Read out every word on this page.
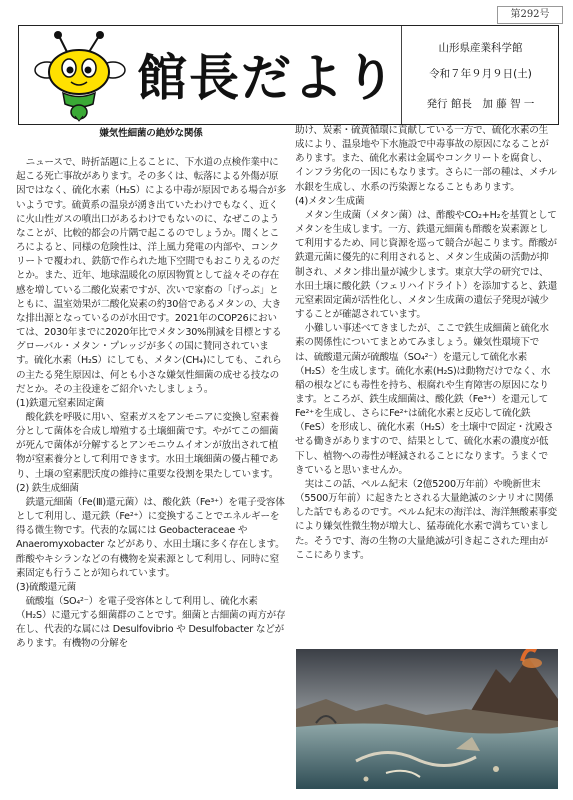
第292号
館長だより
山形県産業科学館
令和７年９月９日(土)
発行 館長　加 藤 智 一
嫌気性細菌の絶妙な関係

ニュースで、時折話題に上ることに、下水道の点検作業中に起こる死亡事故があります。その多くは、転落による外傷が原因ではなく、硫化水素（H₂S）による中毒が原因である場合が多いようです。硫黄系の温泉が湧き出ていたわけでもなく、近くに火山性ガスの噴出口があるわけでもないのに、なぜこのようなことが、比較的都会の片隅で起こるのでしょうか。聞くところによると、同様の危険性は、洋上風力発電の内部や、コンクリートで覆われ、鉄筋で作られた地下空間でもおこりえるのだとか。また、近年、地球温暖化の原因物質として益々その存在感を増している二酸化炭素ですが、次いで家畜の「げっぷ」とともに、温室効果が二酸化炭素の約30倍であるメタンの、大きな排出源となっているのが水田です。2021年のCOP26においては、2030年までに2020年比でメタン30%削減を目標とするグローバル・メタン・プレッジが多くの国に賛同されています。硫化水素（H₂S）にしても、メタン(CH₄)にしても、これらの主たる発生原因は、何とも小さな嫌気性細菌の成せる技なのだとか。その主役達をご紹介いたしましょう。

(1)鉄還元窒素固定菌

酸化鉄を呼吸に用い、窒素ガスをアンモニアに変換し窒素養分として菌体を合成し増殖する土壌細菌です。やがてこの細菌が死んで菌体が分解するとアンモニウムイオンが放出されて植物が窒素養分として利用できます。水田土壌細菌の優占種であり、土壌の窒素肥沃度の維持に重要な役割を果たしています。

(2) 鉄生成細菌

鉄還元細菌（Fe(Ⅲ)還元菌）は、酸化鉄（Fe³⁺）を電子受容体として利用し、還元鉄（Fe²⁺）に変換することでエネルギーを得る微生物です。代表的な属には Geobacteraceae や Anaeromyxobacter などがあり、水田土壌に多く存在します。酢酸やキシランなどの有機物を炭素源として利用し、同時に窒素固定も行うことが知られています。

(3)硫酸還元菌

硫酸塩（SO₄²⁻）を電子受容体として利用し、硫化水素（H₂S）に還元する細菌群のことです。細菌と古細菌の両方が存在し、代表的な属には Desulfovibrio や Desulfobacter などがあります。有機物の分解を

助け、炭素・硫黄循環に貢献している一方で、硫化水素の生成により、温泉地や下水施設で中毒事故の原因になることがあります。また、硫化水素は金属やコンクリートを腐食し、インフラ劣化の一因にもなります。さらに一部の種は、メチル水銀を生成し、水系の汚染源となることもあります。

(4)メタン生成菌

メタン生成菌（メタン菌）は、酢酸やCO₂+H₂を基質としてメタンを生成します。一方、鉄還元細菌も酢酸を炭素源として利用するため、同じ資源を巡って競合が起こります。酢酸が鉄還元菌に優先的に利用されると、メタン生成菌の活動が抑制され、メタン排出量が減少します。東京大学の研究では、水田土壌に酸化鉄（フェリハイドライト）を添加すると、鉄還元窒素固定菌が活性化し、メタン生成菌の遺伝子発現が減少することが確認されています。

小難しい事述べてきましたが、ここで鉄生成細菌と硫化水素の関係性についてまとめてみましょう。嫌気性環境下では、硫酸還元菌が硫酸塩（SO₄²⁻）を還元して硫化水素（H₂S）を生成します。硫化水素(H₂S)は動物だけでなく、水稲の根などにも毒性を持ち、根腐れや生育障害の原因になります。ところが、鉄生成細菌は、酸化鉄（Fe³⁺）を還元してFe²⁺を生成し、さらにFe²⁺は硫化水素と反応して硫化鉄（FeS）を形成し、硫化水素（H₂S）を土壌中で固定・沈殿させる働きがありますので、結果として、硫化水素の濃度が低下し、植物への毒性が軽減されることになります。うまくできていると思いませんか。

実はこの話、ペルム紀末（2億5200万年前）や晩新世末（5500万年前）に起きたとされる大量絶滅のシナリオに関係した話でもあるのです。ペルム紀末の海洋は、海洋無酸素事変により嫌気性微生物が増大し、猛毒硫化水素で満ちていました。そうです、海の生物の大量絶滅が引き起こされた理由がここにあります。
